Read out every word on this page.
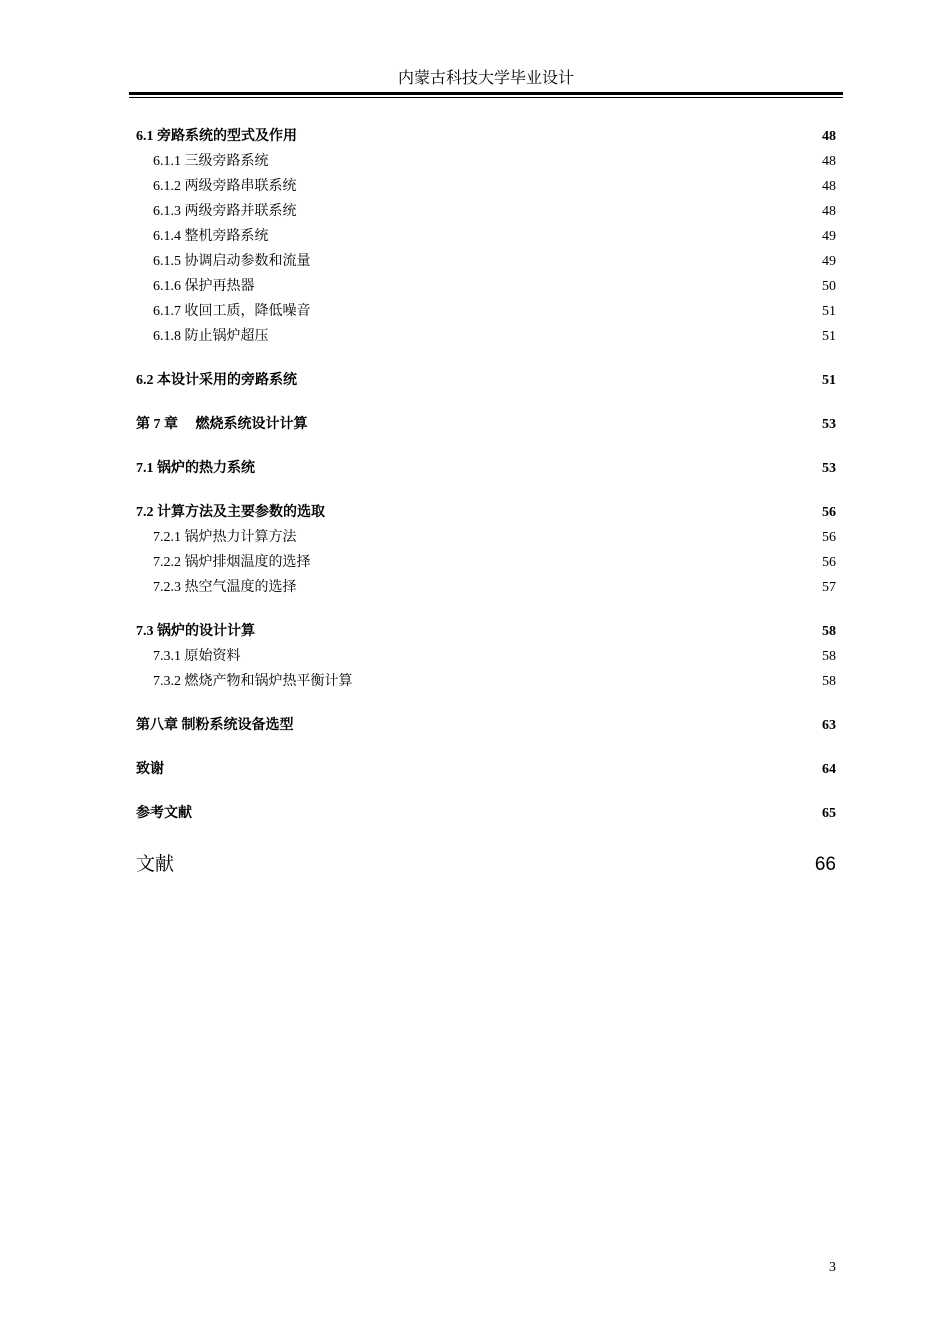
内蒙古科技大学毕业设计
6.1 旁路系统的型式及作用	48
6.1.1 三级旁路系统	48
6.1.2 两级旁路串联系统	48
6.1.3 两级旁路并联系统	48
6.1.4 整机旁路系统	49
6.1.5 协调启动参数和流量	49
6.1.6 保护再热器	50
6.1.7 收回工质，降低噪音	51
6.1.8 防止锅炉超压	51
6.2 本设计采用的旁路系统	51
第 7 章　 燃烧系统设计计算	53
7.1 锅炉的热力系统	53
7.2 计算方法及主要参数的选取	56
7.2.1 锅炉热力计算方法	56
7.2.2 锅炉排烟温度的选择	56
7.2.3 热空气温度的选择	57
7.3 锅炉的设计计算	58
7.3.1 原始资料	58
7.3.2 燃烧产物和锅炉热平衡计算	58
第八章 制粉系统设备选型	63
致谢	64
参考文献	65
文献	66
3
